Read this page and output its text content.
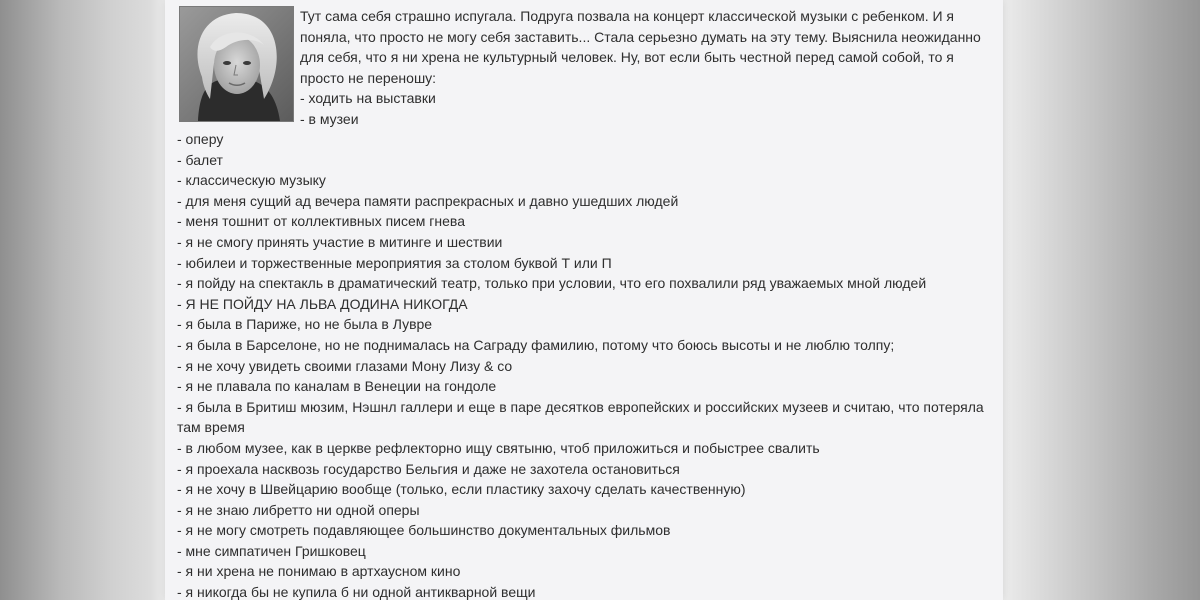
Тут сама себя страшно испугала. Подруга позвала на концерт классической музыки с ребенком. И я поняла, что просто не могу себя заставить... Стала серьезно думать на эту тему. Выяснила неожиданно для себя, что я ни хрена не культурный человек. Ну, вот если быть честной перед самой собой, то я просто не переношу:

- ходить на выставки

- в музеи

- оперу
- балет
- классическую музыку
- для меня сущий ад вечера памяти распрекрасных и давно ушедших людей
- меня тошнит от коллективных писем гнева
- я не смогу принять участие в митинге и шествии
- юбилеи и торжественные мероприятия за столом буквой Т или П
- я пойду на спектакль в драматический театр, только при условии, что его похвалили ряд уважаемых мной людей
- Я НЕ ПОЙДУ НА ЛЬВА ДОДИНА НИКОГДА
- я была в Париже, но не была в Лувре
- я была в Барселоне, но не поднималась на Саграду фамилию, потому что боюсь высоты и не люблю толпу;
- я не хочу увидеть своими глазами Мону Лизу & со
- я не плавала по каналам в Венеции на гондоле
- я была в Бритиш мюзим, Нэшнл галлери и еще в паре десятков европейских и российских музеев и считаю, что потеряла там время
- в любом музее, как в церкве рефлекторно ищу святыню, чтоб приложиться и побыстрее свалить
- я проехала насквозь государство Бельгия и даже не захотела остановиться
- я не хочу в Швейцарию вообще (только, если пластику захочу сделать качественную)
- я не знаю либретто ни одной оперы
- я не могу смотреть подавляющее большинство документальных фильмов
- мне симпатичен Гришковец
- я ни хрена не понимаю в артхаусном кино
- я никогда бы не купила б ни одной антикварной вещи
